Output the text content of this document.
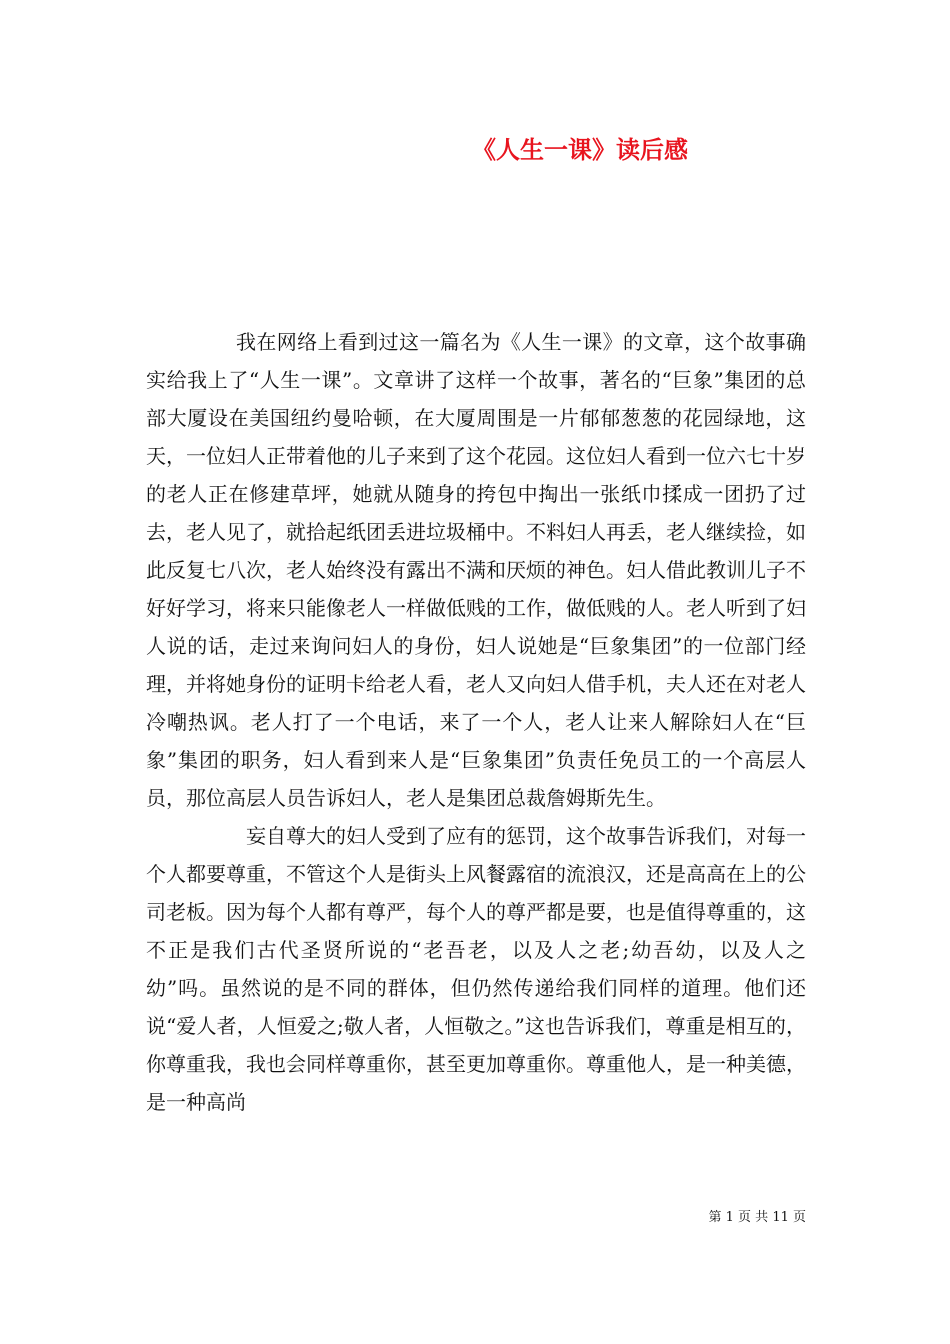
《人生一课》读后感

我在网络上看到过这一篇名为《人生一课》的文章，这个故事确实给我上了“人生一课”。文章讲了这样一个故事，著名的“巨象”集团的总部大厦设在美国纽约曼哈顿，在大厦周围是一片郁郁葱葱的花园绿地，这天，一位妇人正带着他的儿子来到了这个花园。这位妇人看到一位六七十岁的老人正在修建草坪，她就从随身的挎包中掏出一张纸巾揉成一团扔了过去，老人见了，就拾起纸团丢进垃圾桶中。不料妇人再丢，老人继续捡，如此反复七八次，老人始终没有露出不满和厌烦的神色。妇人借此教训儿子不好好学习，将来只能像老人一样做低贱的工作，做低贱的人。老人听到了妇人说的话，走过来询问妇人的身份，妇人说她是“巨象集团”的一位部门经理，并将她身份的证明卡给老人看，老人又向妇人借手机，夫人还在对老人冷嘲热讽。老人打了一个电话，来了一个人，老人让来人解除妇人在“巨象”集团的职务，妇人看到来人是“巨象集团”负责任免员工的一个高层人员，那位高层人员告诉妇人，老人是集团总裁詹姆斯先生。

妄自尊大的妇人受到了应有的惩罚，这个故事告诉我们，对每一个人都要尊重，不管这个人是街头上风餐露宿的流浪汉，还是高高在上的公司老板。因为每个人都有尊严，每个人的尊严都是要，也是值得尊重的，这不正是我们古代圣贤所说的“老吾老，以及人之老;幼吾幼，以及人之幼”吗。虽然说的是不同的群体，但仍然传递给我们同样的道理。他们还说“爱人者，人恒爱之;敬人者，人恒敬之。”这也告诉我们，尊重是相互的，你尊重我，我也会同样尊重你，甚至更加尊重你。尊重他人，是一种美德，是一种高尚

第 1 页 共 11 页
